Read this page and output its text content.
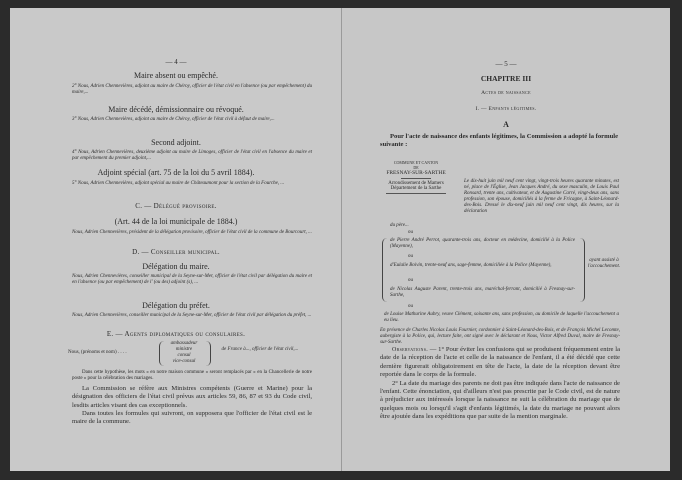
— 4 —
Maire absent ou empêché.
2° Nous, Adrien Chennevières, adjoint au maire de Chéroy, officier de l'état civil en l'absence (ou par empêchement) du maire,...
Maire décédé, démissionnaire ou révoqué.
3° Nous, Adrien Chennevières, adjoint au maire de Chéroy, officier de l'état civil à défaut de maire,...
Second adjoint.
4° Nous, Adrien Chennevières, deuxième adjoint au maire de Limoges, officier de l'état civil en l'absence du maire et par empêchement du premier adjoint,...
Adjoint spécial (art. 75 de la loi du 5 avril 1884).
5° Nous, Adrien Chennevières, adjoint spécial au maire de Châteaumont pour la section de la Fourche, ...
C. — Délégué provisoire.
(Art. 44 de la loi municipale de 1884.)
Nous, Adrien Chennevières, président de la délégation provisoire, officier de l'état civil de la commune de Bourcourt, ...
D. — Conseiller municipal.
Délégation du maire.
Nous, Adrien Chennevières, conseiller municipal de la Seyne-sur-Mer, officier de l'état civil par délégation du maire et en l'absence (ou par empêchement) de l' (ou des) adjoint (s), ...
Délégation du préfet.
Nous, Adrien Chennevières, conseiller municipal de la Seyne-sur-Mer, officier de l'état civil par délégation du préfet, ...
E. — Agents diplomatiques ou consulaires.
Nous, (prénoms et nom) . . . .
ambassadeur
ministre
consul
vice-consul
de France à..., officier de l'état civil,...
Dans cette hypothèse, les mots « en notre maison commune » seront remplacés par « en la Chancellerie de notre poste » pour la célébration des mariages.
La Commission se réfère aux Ministres compétents (Guerre et Marine) pour la désignation des officiers de l'état civil prévus aux articles 59, 86, 87 et 93 du Code civil, lesdits articles visant des cas exceptionnels.
Dans toutes les formules qui suivront, on supposera que l'officier de l'état civil est le maire de la commune.
— 5 —
CHAPITRE III
Actes de naissance
I. — Enfants légitimes.
A
Pour l'acte de naissance des enfants légitimes, la Commission a adopté la formule suivante :
COMMUNE ET CANTON
DE
FRESNAY-SUR-SARTHE
Arrondissement de Mamers
Département de la Sarthe
Le dix-huit juin mil neuf cent vingt, vingt-trois heures quarante minutes, est né, place de l'Église, Jean Jacques André, du sexe masculin, de Louis Paul Ronsard, trente ans, cultivateur, et de Augustine Carré, vingt-deux ans, sans profession, son épouse, domiciliés à la ferme de Fricagne, à Saint-Léonard-des-Bois. Dressé le dix-neuf juin mil neuf cent vingt, dix heures, sur la déclaration
du père...
ou
de Pierre André Perrot, quarante-trois ans, docteur en médecine, domicilié à la Police (Mayenne),
ou
d'Eulalie Boivin, trente-neuf ans, sage-femme, domiciliée à la Police (Mayenne),
ou
de Nicolas Auguste Parent, trente-trois ans, maréchal-ferrant, domicilié à Fresnay-sur-Sarthe,
ayant assisté à l'accouchement.
ou
de Louise Mathurine Aubry, veuve Clément, soixante ans, sans profession, au domicile de laquelle l'accouchement a eu lieu.
En présence de Charles Nicolas Louis Fournier, cordonnier à Saint-Léonard-des-Bois, et de François Michel Lecomte, aubergiste à la Police, qui, lecture faite, ont signé avec le déclarant et Nous, Victor Alfred Duval, maire de Fresnay-sur-Sarthe.
Observations. — 1° Pour éviter les confusions qui se produisent fréquemment entre la date de la réception de l'acte et celle de la naissance de l'enfant, il a été décidé que cette dernière figurerait obligatoirement en tête de l'acte, la date de la réception devant être reportée dans le corps de la formule.
2° La date du mariage des parents ne doit pas être indiquée dans l'acte de naissance de l'enfant. Cette énonciation, qui d'ailleurs n'est pas prescrite par le Code civil, est de nature à préjudicier aux intéressés lorsque la naissance ne suit la célébration du mariage que de quelques mois ou lorsqu'il s'agit d'enfants légitimés, la date du mariage ne pouvant alors être ajoutée dans les expéditions que par suite de la mention marginale.
